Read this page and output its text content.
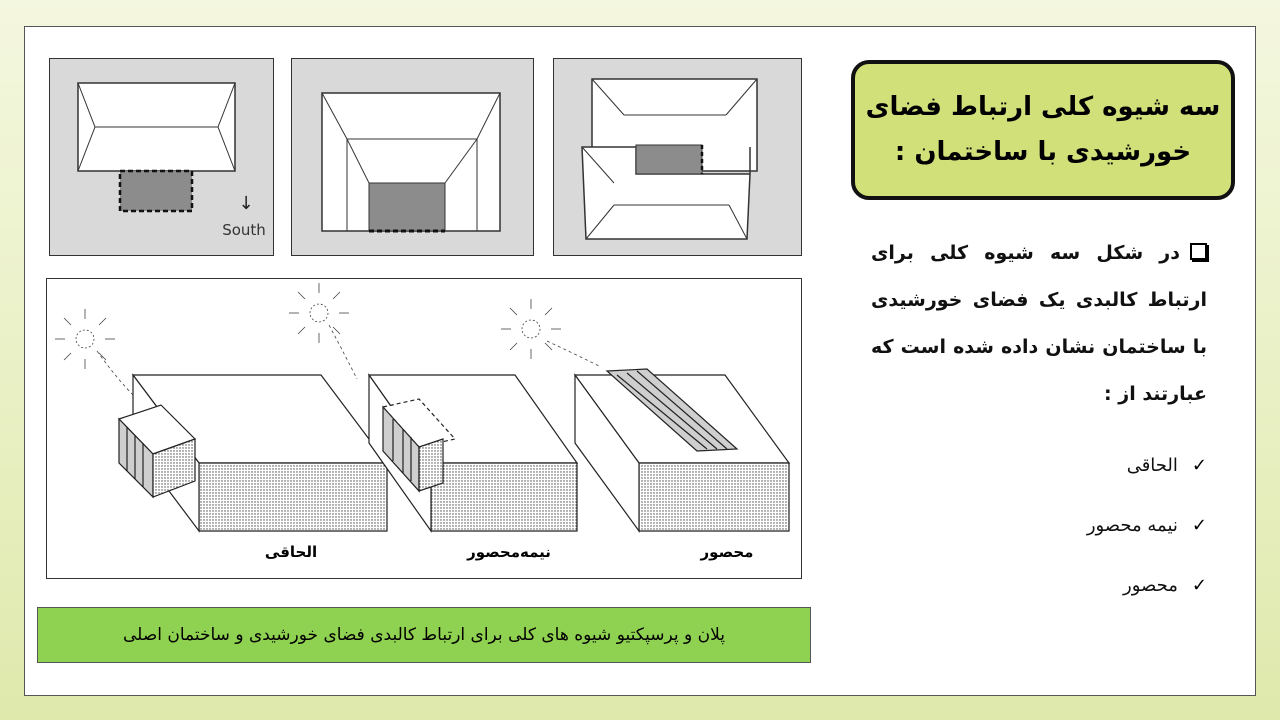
سه شیوه کلی ارتباط فضای
خورشیدی با ساختمان :
↓
South
الحاقی	نیمه‌محصور	محصور
پلان و پرسپکتیو شیوه های کلی برای ارتباط کالبدی فضای خورشیدی و ساختمان اصلی
در شکل سه شیوه کلی برای ارتباط کالبدی یک فضای خورشیدی با ساختمان نشان داده شده است که عبارتند از :
✓
الحاقی
✓
نیمه محصور
✓
محصور
